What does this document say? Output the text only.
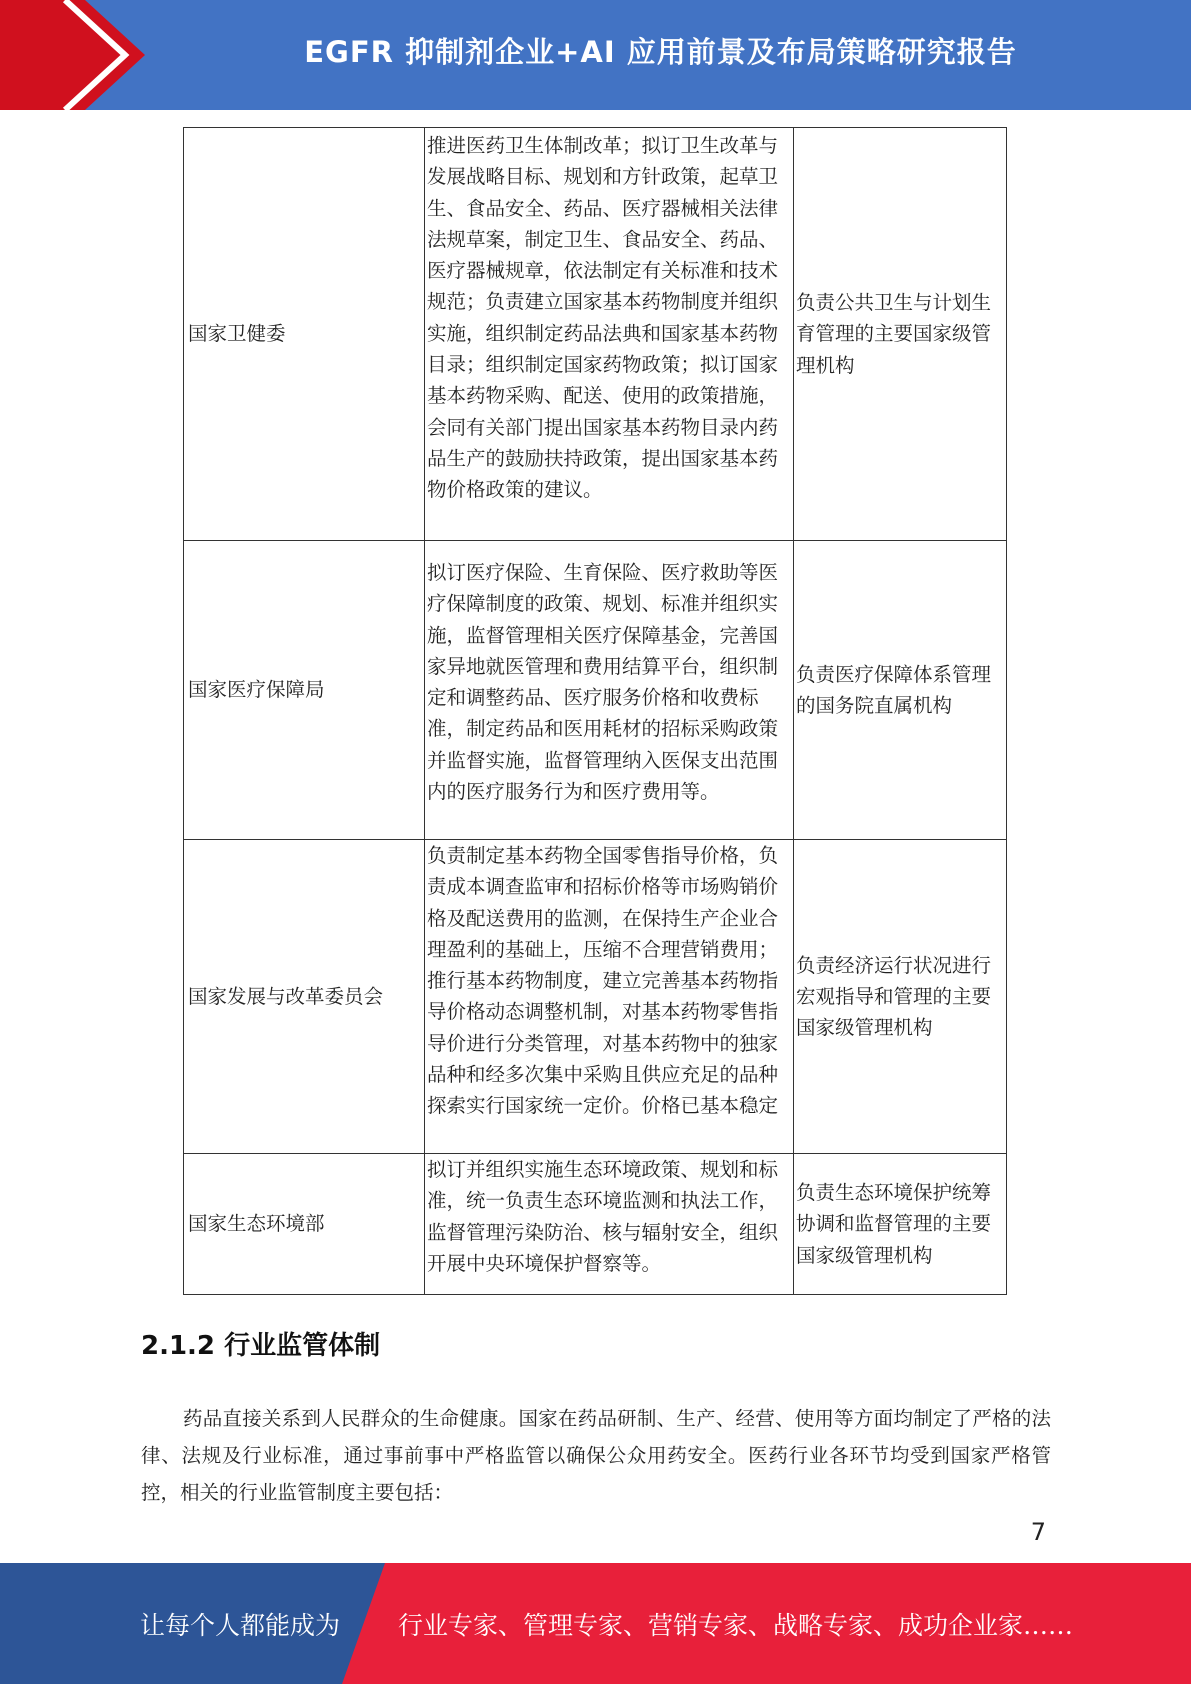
EGFR 抑制剂企业+AI 应用前景及布局策略研究报告
国家卫健委
推进医药卫生体制改革；拟订卫生改革与发展战略目标、规划和方针政策，起草卫生、食品安全、药品、医疗器械相关法律法规草案，制定卫生、食品安全、药品、医疗器械规章，依法制定有关标准和技术规范；负责建立国家基本药物制度并组织实施，组织制定药品法典和国家基本药物目录；组织制定国家药物政策；拟订国家基本药物采购、配送、使用的政策措施，会同有关部门提出国家基本药物目录内药品生产的鼓励扶持政策，提出国家基本药物价格政策的建议。
负责公共卫生与计划生育管理的主要国家级管理机构
国家医疗保障局
拟订医疗保险、生育保险、医疗救助等医疗保障制度的政策、规划、标准并组织实施，监督管理相关医疗保障基金，完善国家异地就医管理和费用结算平台，组织制定和调整药品、医疗服务价格和收费标准，制定药品和医用耗材的招标采购政策并监督实施，监督管理纳入医保支出范围内的医疗服务行为和医疗费用等。
负责医疗保障体系管理的国务院直属机构
国家发展与改革委员会
负责制定基本药物全国零售指导价格，负责成本调查监审和招标价格等市场购销价格及配送费用的监测，在保持生产企业合理盈利的基础上，压缩不合理营销费用；推行基本药物制度，建立完善基本药物指导价格动态调整机制，对基本药物零售指导价进行分类管理，对基本药物中的独家品种和经多次集中采购且供应充足的品种探索实行国家统一定价。价格已基本稳定
负责经济运行状况进行宏观指导和管理的主要国家级管理机构
国家生态环境部
拟订并组织实施生态环境政策、规划和标准，统一负责生态环境监测和执法工作，监督管理污染防治、核与辐射安全，组织开展中央环境保护督察等。
负责生态环境保护统筹协调和监督管理的主要国家级管理机构
2.1.2 行业监管体制
药品直接关系到人民群众的生命健康。国家在药品研制、生产、经营、使用等方面均制定了严格的法律、法规及行业标准，通过事前事中严格监管以确保公众用药安全。医药行业各环节均受到国家严格管控，相关的行业监管制度主要包括：
7
让每个人都能成为 行业专家、管理专家、营销专家、战略专家、成功企业家……
